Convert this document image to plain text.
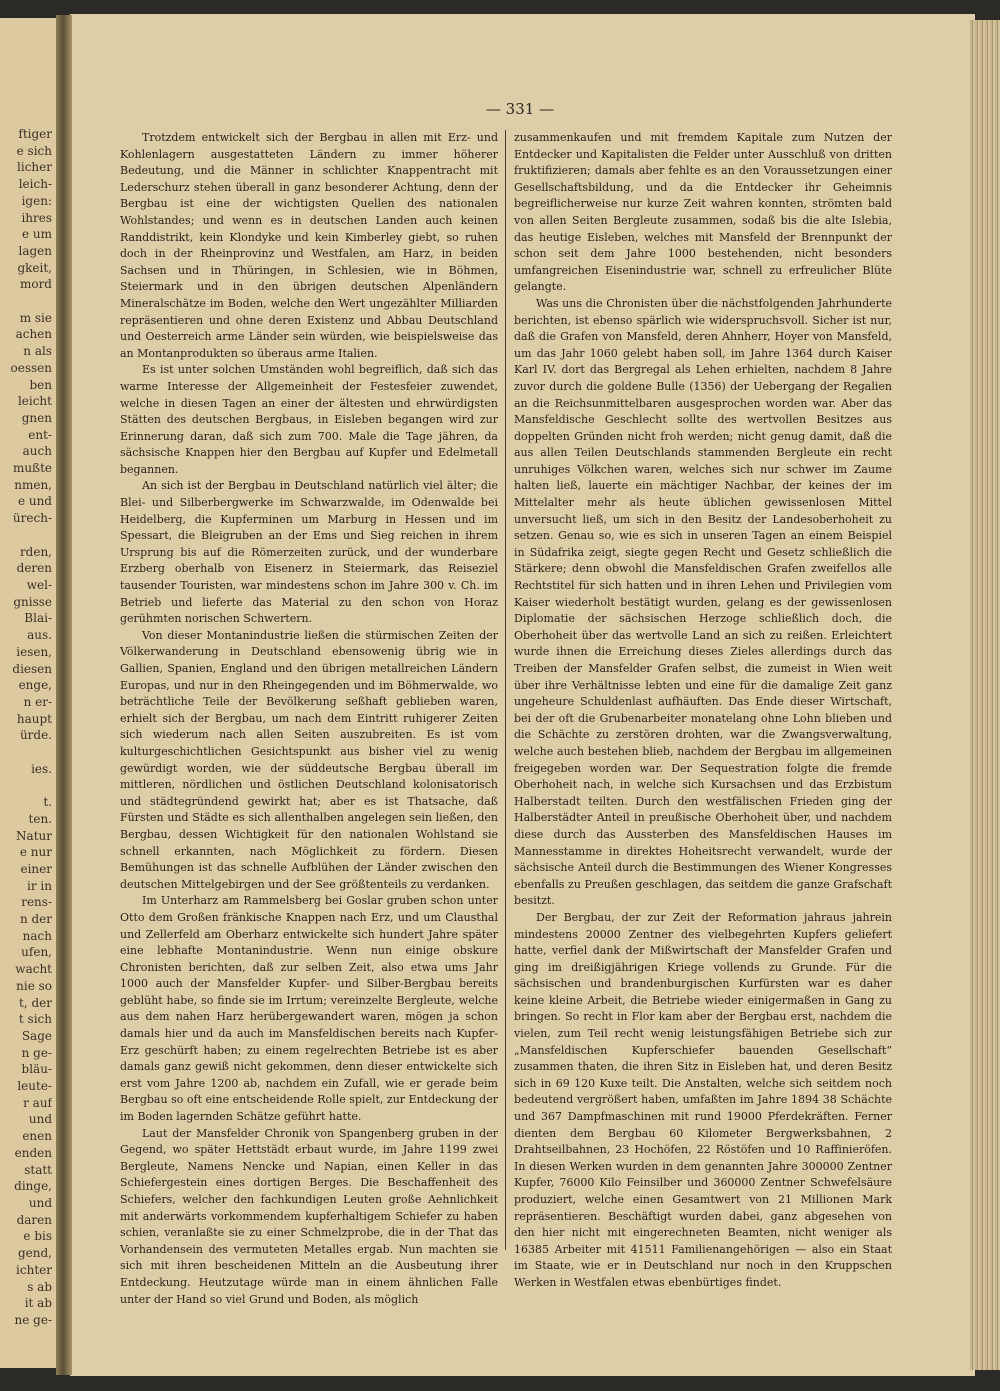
ftiger
e sich
licher
leich-
igen:
ihres
e um
lagen
gkeit,
mord

m sie
achen
n als
oessen
ben
leicht
gnen
ent-
auch
mußte
nmen,
e und
ürech-

rden,
deren
wel-
gnisse
Blai-
aus.
iesen,
diesen
enge,
n er-
haupt
ürde.

ies.

t.
ten.
Natur
e nur
einer
ir in
rens-
n der
nach
ufen,
wacht
nie so
t, der
t sich
Sage
n ge-
bläu-
leute-
r auf
und
enen
enden
statt
dinge,
und
daren
e bis
gend,
ichter
s ab
it ab
ne ge-
— 331 —

Trotzdem entwickelt sich der Bergbau in allen mit Erz- und Kohlenlagern ausgestatteten Ländern zu immer höherer Bedeutung, und die Männer in schlichter Knappentracht mit Lederschurz stehen überall in ganz besonderer Achtung, denn der Bergbau ist eine der wichtigsten Quellen des nationalen Wohlstandes; und wenn es in deutschen Landen auch keinen Randdistrikt, kein Klondyke und kein Kimberley giebt, so ruhen doch in der Rheinprovinz und Westfalen, am Harz, in beiden Sachsen und in Thüringen, in Schlesien, wie in Böhmen, Steiermark und in den übrigen deutschen Alpenländern Mineralschätze im Boden, welche den Wert ungezählter Milliarden repräsentieren und ohne deren Existenz und Abbau Deutschland und Oesterreich arme Länder sein würden, wie beispielsweise das an Montanprodukten so überaus arme Italien.

Es ist unter solchen Umständen wohl begreiflich, daß sich das warme Interesse der Allgemeinheit der Festesfeier zuwendet, welche in diesen Tagen an einer der ältesten und ehrwürdigsten Stätten des deutschen Bergbaus, in Eisleben begangen wird zur Erinnerung daran, daß sich zum 700. Male die Tage jähren, da sächsische Knappen hier den Bergbau auf Kupfer und Edelmetall begannen.

An sich ist der Bergbau in Deutschland natürlich viel älter; die Blei- und Silberbergwerke im Schwarzwalde, im Odenwalde bei Heidelberg, die Kupferminen um Marburg in Hessen und im Spessart, die Bleigruben an der Ems und Sieg reichen in ihrem Ursprung bis auf die Römerzeiten zurück, und der wunderbare Erzberg oberhalb von Eisenerz in Steiermark, das Reiseziel tausender Touristen, war mindestens schon im Jahre 300 v. Ch. im Betrieb und lieferte das Material zu den schon von Horaz gerühmten norischen Schwertern.

Von dieser Montanindustrie ließen die stürmischen Zeiten der Völkerwanderung in Deutschland ebensowenig übrig wie in Gallien, Spanien, England und den übrigen metallreichen Ländern Europas, und nur in den Rheingegenden und im Böhmerwalde, wo beträchtliche Teile der Bevölkerung seßhaft geblieben waren, erhielt sich der Bergbau, um nach dem Eintritt ruhigerer Zeiten sich wiederum nach allen Seiten auszubreiten. Es ist vom kulturgeschichtlichen Gesichtspunkt aus bisher viel zu wenig gewürdigt worden, wie der süddeutsche Bergbau überall im mittleren, nördlichen und östlichen Deutschland kolonisatorisch und städtegründend gewirkt hat; aber es ist Thatsache, daß Fürsten und Städte es sich allenthalben angelegen sein ließen, den Bergbau, dessen Wichtigkeit für den nationalen Wohlstand sie schnell erkannten, nach Möglichkeit zu fördern. Diesen Bemühungen ist das schnelle Aufblühen der Länder zwischen den deutschen Mittelgebirgen und der See größtenteils zu verdanken.

Im Unterharz am Rammelsberg bei Goslar gruben schon unter Otto dem Großen fränkische Knappen nach Erz, und um Clausthal und Zellerfeld am Oberharz entwickelte sich hundert Jahre später eine lebhafte Montanindustrie. Wenn nun einige obskure Chronisten berichten, daß zur selben Zeit, also etwa ums Jahr 1000 auch der Mansfelder Kupfer- und Silber-Bergbau bereits geblüht habe, so finde sie im Irrtum; vereinzelte Bergleute, welche aus dem nahen Harz herübergewandert waren, mögen ja schon damals hier und da auch im Mansfeldischen bereits nach Kupfer-Erz geschürft haben; zu einem regelrechten Betriebe ist es aber damals ganz gewiß nicht gekommen, denn dieser entwickelte sich erst vom Jahre 1200 ab, nachdem ein Zufall, wie er gerade beim Bergbau so oft eine entscheidende Rolle spielt, zur Entdeckung der im Boden lagernden Schätze geführt hatte.

Laut der Mansfelder Chronik von Spangenberg gruben in der Gegend, wo später Hettstädt erbaut wurde, im Jahre 1199 zwei Bergleute, Namens Nencke und Napian, einen Keller in das Schiefergestein eines dortigen Berges. Die Beschaffenheit des Schiefers, welcher den fachkundigen Leuten große Aehnlichkeit mit anderwärts vorkommendem kupferhaltigem Schiefer zu haben schien, veranlaßte sie zu einer Schmelzprobe, die in der That das Vorhandensein des vermuteten Metalles ergab. Nun machten sie sich mit ihren bescheidenen Mitteln an die Ausbeutung ihrer Entdeckung. Heutzutage würde man in einem ähnlichen Falle unter der Hand so viel Grund und Boden, als möglich

zusammenkaufen und mit fremdem Kapitale zum Nutzen der Entdecker und Kapitalisten die Felder unter Ausschluß von dritten fruktifizieren; damals aber fehlte es an den Voraussetzungen einer Gesellschaftsbildung, und da die Entdecker ihr Geheimnis begreiflicherweise nur kurze Zeit wahren konnten, strömten bald von allen Seiten Bergleute zusammen, sodaß bis die alte Islebia, das heutige Eisleben, welches mit Mansfeld der Brennpunkt der schon seit dem Jahre 1000 bestehenden, nicht besonders umfangreichen Eisenindustrie war, schnell zu erfreulicher Blüte gelangte.

Was uns die Chronisten über die nächstfolgenden Jahrhunderte berichten, ist ebenso spärlich wie widerspruchsvoll. Sicher ist nur, daß die Grafen von Mansfeld, deren Ahnherr, Hoyer von Mansfeld, um das Jahr 1060 gelebt haben soll, im Jahre 1364 durch Kaiser Karl IV. dort das Bergregal als Lehen erhielten, nachdem 8 Jahre zuvor durch die goldene Bulle (1356) der Uebergang der Regalien an die Reichsunmittelbaren ausgesprochen worden war. Aber das Mansfeldische Geschlecht sollte des wertvollen Besitzes aus doppelten Gründen nicht froh werden; nicht genug damit, daß die aus allen Teilen Deutschlands stammenden Bergleute ein recht unruhiges Völkchen waren, welches sich nur schwer im Zaume halten ließ, lauerte ein mächtiger Nachbar, der keines der im Mittelalter mehr als heute üblichen gewissenlosen Mittel unversucht ließ, um sich in den Besitz der Landesoberhoheit zu setzen. Genau so, wie es sich in unseren Tagen an einem Beispiel in Südafrika zeigt, siegte gegen Recht und Gesetz schließlich die Stärkere; denn obwohl die Mansfeldischen Grafen zweifellos alle Rechtstitel für sich hatten und in ihren Lehen und Privilegien vom Kaiser wiederholt bestätigt wurden, gelang es der gewissenlosen Diplomatie der sächsischen Herzoge schließlich doch, die Oberhoheit über das wertvolle Land an sich zu reißen. Erleichtert wurde ihnen die Erreichung dieses Zieles allerdings durch das Treiben der Mansfelder Grafen selbst, die zumeist in Wien weit über ihre Verhältnisse lebten und eine für die damalige Zeit ganz ungeheure Schuldenlast aufhäuften. Das Ende dieser Wirtschaft, bei der oft die Grubenarbeiter monatelang ohne Lohn blieben und die Schächte zu zerstören drohten, war die Zwangsverwaltung, welche auch bestehen blieb, nachdem der Bergbau im allgemeinen freigegeben worden war. Der Sequestration folgte die fremde Oberhoheit nach, in welche sich Kursachsen und das Erzbistum Halberstadt teilten. Durch den westfälischen Frieden ging der Halberstädter Anteil in preußische Oberhoheit über, und nachdem diese durch das Aussterben des Mansfeldischen Hauses im Mannesstamme in direktes Hoheitsrecht verwandelt, wurde der sächsische Anteil durch die Bestimmungen des Wiener Kongresses ebenfalls zu Preußen geschlagen, das seitdem die ganze Grafschaft besitzt.

Der Bergbau, der zur Zeit der Reformation jahraus jahrein mindestens 20000 Zentner des vielbegehrten Kupfers geliefert hatte, verfiel dank der Mißwirtschaft der Mansfelder Grafen und ging im dreißigjährigen Kriege vollends zu Grunde. Für die sächsischen und brandenburgischen Kurfürsten war es daher keine kleine Arbeit, die Betriebe wieder einigermaßen in Gang zu bringen. So recht in Flor kam aber der Bergbau erst, nachdem die vielen, zum Teil recht wenig leistungsfähigen Betriebe sich zur „Mansfeldischen Kupferschiefer bauenden Gesellschaft“ zusammen thaten, die ihren Sitz in Eisleben hat, und deren Besitz sich in 69 120 Kuxe teilt. Die Anstalten, welche sich seitdem noch bedeutend vergrößert haben, umfaßten im Jahre 1894 38 Schächte und 367 Dampfmaschinen mit rund 19000 Pferdekräften. Ferner dienten dem Bergbau 60 Kilometer Bergwerksbahnen, 2 Drahtseilbahnen, 23 Hochöfen, 22 Röstöfen und 10 Raffinieröfen. In diesen Werken wurden in dem genannten Jahre 300000 Zentner Kupfer, 76000 Kilo Feinsilber und 360000 Zentner Schwefelsäure produziert, welche einen Gesamtwert von 21 Millionen Mark repräsentieren. Beschäftigt wurden dabei, ganz abgesehen von den hier nicht mit eingerechneten Beamten, nicht weniger als 16385 Arbeiter mit 41511 Familienangehörigen — also ein Staat im Staate, wie er in Deutschland nur noch in den Kruppschen Werken in Westfalen etwas ebenbürtiges findet.
